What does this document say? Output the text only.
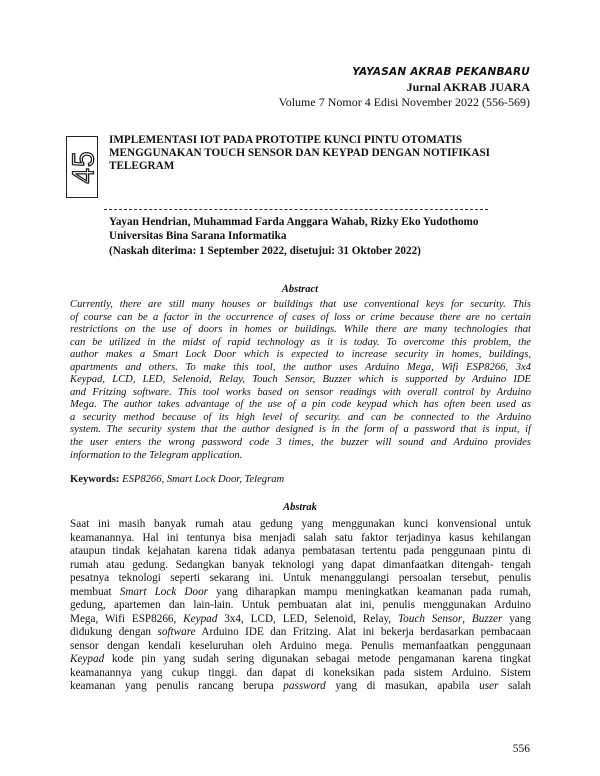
YAYASAN AKRAB PEKANBARU
Jurnal AKRAB JUARA
Volume 7 Nomor 4 Edisi November 2022 (556-569)
45
IMPLEMENTASI IOT PADA PROTOTIPE KUNCI PINTU OTOMATIS
MENGGUNAKAN TOUCH SENSOR DAN KEYPAD DENGAN NOTIFIKASI
TELEGRAM
Yayan Hendrian, Muhammad Farda Anggara Wahab, Rizky Eko Yudothomo
Universitas Bina Sarana Informatika
(Naskah diterima: 1 September 2022, disetujui: 31 Oktober 2022)
Abstract
Currently, there are still many houses or buildings that use conventional keys for security. This
of course can be a factor in the occurrence of cases of loss or crime because there are no certain
restrictions on the use of doors in homes or buildings. While there are many technologies that
can be utilized in the midst of rapid technology as it is today. To overcome this problem, the
author makes a Smart Lock Door which is expected to increase security in homes, buildings,
apartments and others. To make this tool, the author uses Arduino Mega, Wifi ESP8266, 3x4
Keypad, LCD, LED, Selenoid, Relay, Touch Sensor, Buzzer which is supported by Arduino IDE
and Fritzing software. This tool works based on sensor readings with overall control by Arduino
Mega. The author takes advantage of the use of a pin code keypad which has often been used as
a security method because of its high level of security. and can be connected to the Arduino
system. The security system that the author designed is in the form of a password that is input, if
the user enters the wrong password code 3 times, the buzzer will sound and Arduino provides
information to the Telegram application.
Keywords: ESP8266, Smart Lock Door, Telegram
Abstrak
Saat ini masih banyak rumah atau gedung yang menggunakan kunci konvensional untuk
keamanannya. Hal ini tentunya bisa menjadi salah satu faktor terjadinya kasus kehilangan
ataupun tindak kejahatan karena tidak adanya pembatasan tertentu pada penggunaan pintu di
rumah atau gedung. Sedangkan banyak teknologi yang dapat dimanfaatkan ditengah- tengah
pesatnya teknologi seperti sekarang ini. Untuk menanggulangi persoalan tersebut, penulis
membuat Smart Lock Door yang diharapkan mampu meningkatkan keamanan pada rumah,
gedung, apartemen dan lain-lain. Untuk pembuatan alat ini, penulis menggunakan Arduino
Mega, Wifi ESP8266, Keypad 3x4, LCD, LED, Selenoid, Relay, Touch Sensor, Buzzer yang
didukung dengan software Arduino IDE dan Fritzing. Alat ini bekerja berdasarkan pembacaan
sensor dengan kendali keseluruhan oleh Arduino mega. Penulis memanfaatkan penggunaan
Keypad kode pin yang sudah sering digunakan sebagai metode pengamanan karena tingkat
keamanannya yang cukup tinggi. dan dapat di koneksikan pada sistem Arduino. Sistem
keamanan yang penulis rancang berupa password yang di masukan, apabila user salah
556
